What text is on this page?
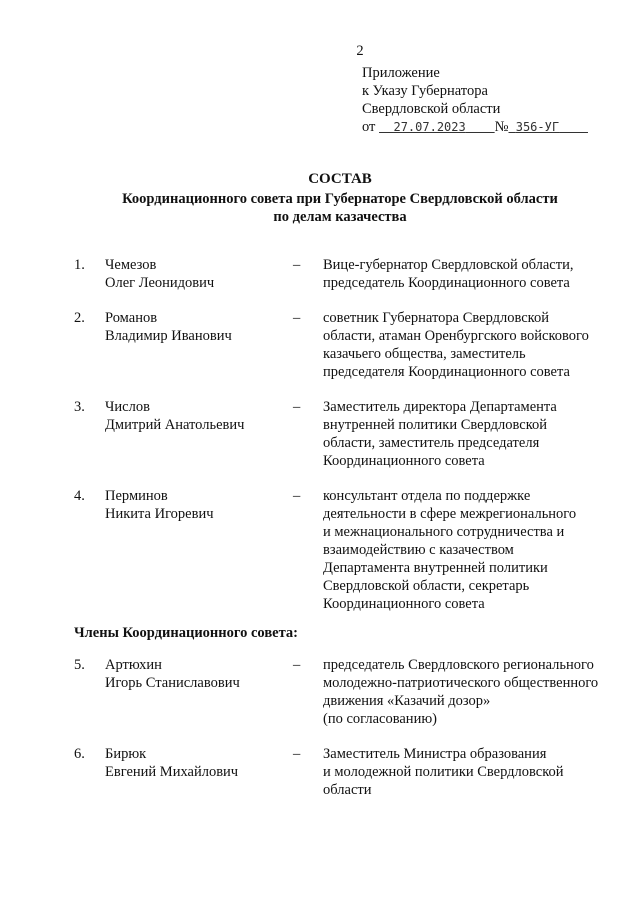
2
Приложение
к Указу Губернатора
Свердловской области
от 27.07.2023 № 356-УГ
СОСТАВ
Координационного совета при Губернаторе Свердловской области
по делам казачества
1.	Чемезов
Олег Леонидович
–	Вице-губернатор Свердловской области,
председатель Координационного совета
2.	Романов
Владимир Иванович
–	советник Губернатора Свердловской
области, атаман Оренбургского войскового
казачьего общества, заместитель
председателя Координационного совета
3.	Числов
Дмитрий Анатольевич
–	Заместитель директора Департамента
внутренней политики Свердловской
области, заместитель председателя
Координационного совета
4.	Перминов
Никита Игоревич
–	консультант отдела по поддержке
деятельности в сфере межрегионального
и межнационального сотрудничества и
взаимодействию с казачеством
Департамента внутренней политики
Свердловской области, секретарь
Координационного совета
Члены Координационного совета:
5.	Артюхин
Игорь Станиславович
–	председатель Свердловского регионального
молодежно-патриотического общественного
движения «Казачий дозор»
(по согласованию)
6.	Бирюк
Евгений Михайлович
–	Заместитель Министра образования
и молодежной политики Свердловской
области
